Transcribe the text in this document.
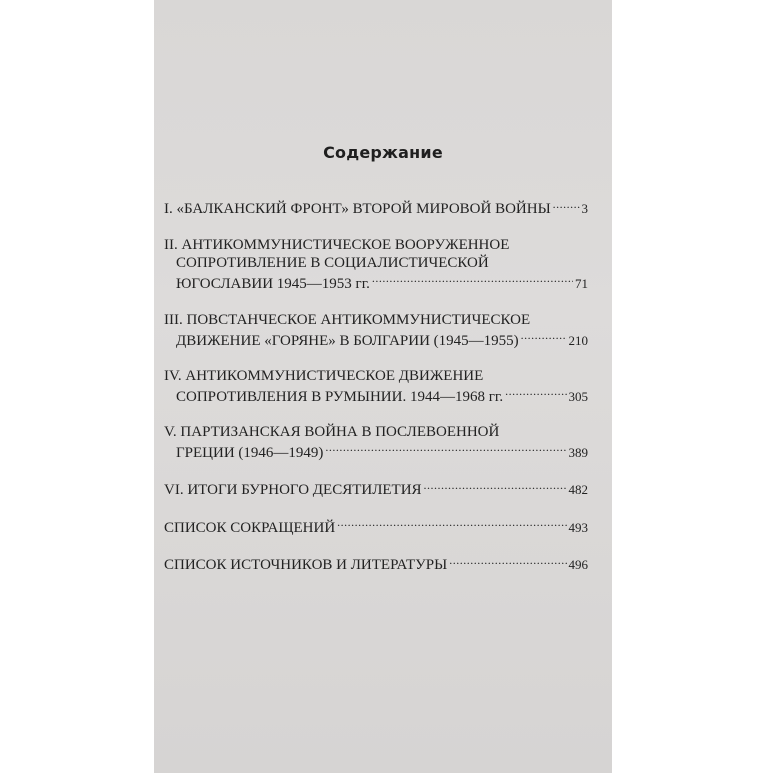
Содержание
I. «БАЛКАНСКИЙ ФРОНТ» ВТОРОЙ МИРОВОЙ ВОЙНЫ ..... 3
II. АНТИКОММУНИСТИЧЕСКОЕ ВООРУЖЕННОЕ
СОПРОТИВЛЕНИЕ В СОЦИАЛИСТИЧЕСКОЙ
ЮГОСЛАВИИ 1945—1953 гг. .....	71
III. ПОВСТАНЧЕСКОЕ АНТИКОММУНИСТИЧЕСКОЕ
ДВИЖЕНИЕ «ГОРЯНЕ» В БОЛГАРИИ (1945—1955) .....	210
IV. АНТИКОММУНИСТИЧЕСКОЕ ДВИЖЕНИЕ
СОПРОТИВЛЕНИЯ В РУМЫНИИ. 1944—1968 гг. .....	305
V. ПАРТИЗАНСКАЯ ВОЙНА В ПОСЛЕВОЕННОЙ
ГРЕЦИИ (1946—1949) .....	389
VI. ИТОГИ БУРНОГО ДЕСЯТИЛЕТИЯ .....	482
СПИСОК СОКРАЩЕНИЙ .....	493
СПИСОК ИСТОЧНИКОВ И ЛИТЕРАТУРЫ .....	496
